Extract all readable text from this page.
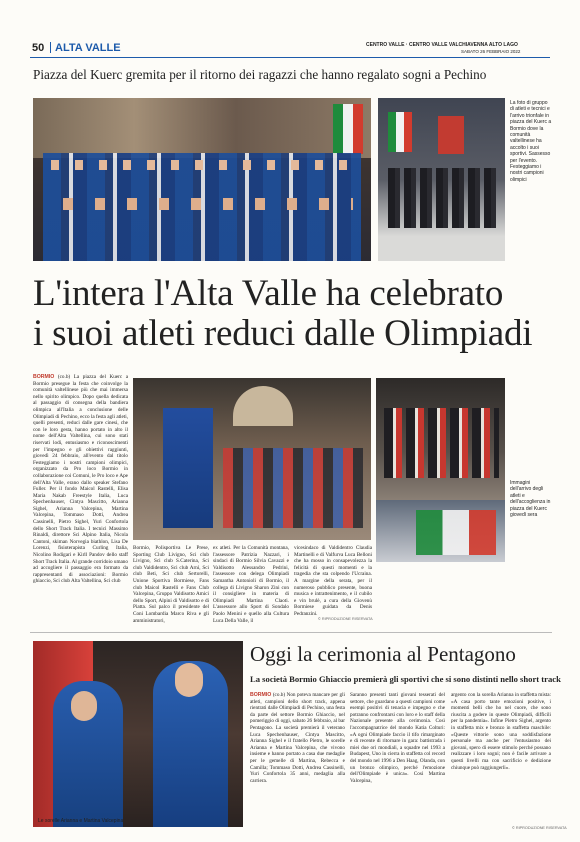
50 ALTA VALLE	CENTRO VALLE · CENTRO VALLE VALCHIAVENNA ALTO LAGO
SABATO 26 FEBBRAIO 2022
Piazza del Kuerc gremita per il ritorno dei ragazzi che hanno regalato sogni a Pechino
La foto di gruppo di atleti e tecnici e l'arrivo trionfale in piazza del Kuerc a Bormio dove la comunità valtellinese ha accolto i suoi sportivi. Sassesso per l'evento. Festeggiamo i nostri campioni olimpici
L'intera l'Alta Valle ha celebrato
i suoi atleti reduci dalle Olimpiadi
BORMIO (co.b) La piazza del Kuerc a Bormio presegue la festa che coinvolge la comunità valtellinese più che mai immersa nello spirito olimpico. Dopo quella dedicata al passaggio di consegna della bandiera olimpica all'Italia a conclusione delle Olimpiadi di Pechino, ecco la festa agli atleti, quelli presenti, reduci dalle gare cinesi, che con le loro gesta, hanno portato in alto il nome dell'Alta Valtellina, cui sono stati riservati lodi, entusiasmo e riconoscimenti per l'impegno e gli obiettivi raggiunti, giovedì 24 febbraio, all'evento dal titolo Festeggiamo i nostri campioni olimpici, organizzato da Pro loco Bormio in collaborazione coi Comuni, le Pro loco e Ape dell'Alta Valle, erano dallo speaker Stefano Fuller. Per il fondo Maicol Rastelli, Elisa Maria Nakab Freestyle Italia, Luca Spechenhauser, Cintya Mascitto, Arianna Sighel, Arianna Valcepina, Martina Valcepina, Tommaso Dotti, Andrea Cassinelli, Pietro Sighel, Yuri Confortola dello Short Track Italia. I tecnici Massimo Rinaldi, direttore Sci Alpino Italia, Nicola Cantoni, skiman Norvegia biathlon, Lisa De Lorenzi, fisioterapista Curling Italia, Nicolino Rodigari e Kirll Pandov dello staff Short Track Italia. Al grande corridoio umano ad accogliere il passaggio era formato da rappresentanti di associazioni: Bormio ghiaccio, Sci club Alta Valtellina, Sci club
Immagini dell'arrivo degli atleti e dell'accoglienza in piazza del Kuerc giovedì sera
Bormio, Polisportiva Le Prese, Sporting Club Livigno, Sci club Livigno, Sci club S.Caterina, Sci club Valdidentro, Sci club Arnì, Sci club Beti, Sci club Sertorelli, Unione Sportiva Bormiese, Fans club Maicol Rastelli e Fans Club Valcepina, Gruppo Valdisotto Amici dello Sport, Alpini di Valdisotto e di Piatta. Sul palco il presidente del Coni Lombardia Marco Riva e gli amministratori,
ex atleti. Per la Comunità montana, l'assessore Patrizia Nazzari, i sindaci di Bormio Silvia Cavazzi e Valdisotto Alessandro Pedrini, l'assessore con delega Olimpiadi Samantha Antonioli di Bormio, il collega di Livigno Sharon Zini con il consigliere in materia di Olimpiadi Martina Claoti. L'assessore allo Sport di Sondalo Paolo Menini e quello alla Cultura Luca Della Valle, il
vicesindaco di Valdidentro Claudia Martinelli e di Valfurva Luca Belloni che ha mosso in consapevolezza la felicità di questi momenti e la tragedia che sta colpendo l'Ucraina. A margine della serata, per il numeroso pubblico presente, buona musica e intrattenimento, e il cubilo e vin brulè, a cura della Giovenù Bormiese guidata da Denis Pedranzini.
© RIPRODUZIONE RISERVATA
Le sorelle Arianna e Martina Valcepina
Oggi la cerimonia al Pentagono
La società Bormio Ghiaccio premierà gli sportivi che si sono distinti nello short track
BORMIO (co.b) Non poteva mancare per gli atleti, campioni dello short track, appena rientrati dalle Olimpiadi di Pechino, una festa da parte del settore Bormio Ghiaccio, nel pomeriggio di oggi, sabato 26 febbraio, al bar Pentagono. La società premierà il veterano Luca Spechenhauser, Cintya Mascitto, Arianna Sighel e il fratello Pietro, le sorelle Arianna e Martina Valcepina, che vivono insieme e hanno portato a casa due medaglie per le gemelle di Martina, Rebecca e Camilla; Tommaso Dotti, Andrea Cassinelli, Yuri Confortola 35 anni, medaglia alla carriera.
Saranno presenti tanti giovani tesserati del settore, che guardano a questi campioni come esempi positivi di tenacia e impegno e che potranno confrontarsi con loro e lo staff della Nazionale presente alla cerimonia. Così l'accompagnatrice del mondo Katia Colturi: «A ogni Olimpiade faccio il tifo rimarginato e di recente di ritornare in gara: battistrada i miei due ori mondiali, a squadre nel 1993 a Budapest, Uno in cierra in staffetta col record del mondo nel 1996 a Den Haag, Olanda, con un bronzo olimpico, perché l'emozione dell'Olimpiade è unica». Così Martina Valcepina,
argento con la sorella Arianna in staffetta mista: «A casa porto tante emozioni positive, i momenti belli che ho nel cuore, che sono riuscita a godere in queste Olimpiadi, difficili per la pandemia». Infine Pietro Sighel, argento in staffetta mix e bronzo in staffetta maschile: «Queste vittorie sono una soddisfazione personale ma anche per l'entusiasmo dei giovani, spero di essere stimolo perché possano realizzare i loro sogni; non è facile arrivare a questi livelli ma con sacrificio e dedizione chiunque può raggiungerli».
© RIPRODUZIONE RISERVATA
